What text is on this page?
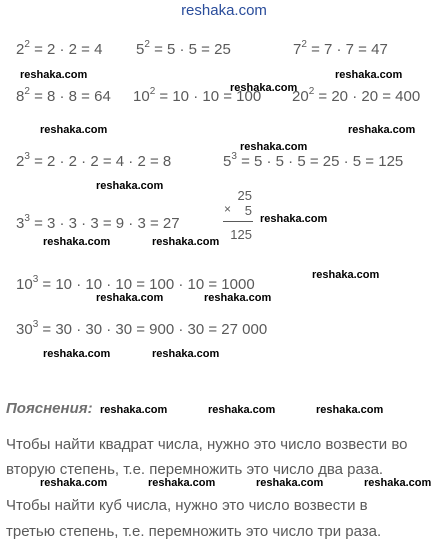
reshaka.com
$2^2 = 2 \cdot 2 = 4$ $5^2 = 5 \cdot 5 = 25$	$7^2 = 7 \cdot 7 = 47$
$8^2 = 8 \cdot 8 = 64$ $10^2 = 10 \cdot 10 = 100$ $20^2 = 20 \cdot 20 = 400$
$2^3 = 2 \cdot 2 \cdot 2 = 4 \cdot 2 = 8$	$5^3 = 5 \cdot 5 \cdot 5 = 25 \cdot 5 = 125$
$3^3 = 3 \cdot 3 \cdot 3 = 9 \cdot 3 = 27$
$10^3 = 10 \cdot 10 \cdot 10 = 100 \cdot 10 = 1000$
$30^3 = 30 \cdot 30 \cdot 30 = 900 \cdot 30 = 27$ 000
25
× 5
125
reshaka.com
reshaka.com
reshaka.com
reshaka.com
reshaka.com
reshaka.com
reshaka.com
reshaka.com
reshaka.com	reshaka.com
reshaka.com
reshaka.com	reshaka.com
reshaka.com	reshaka.com
reshaka.com	reshaka.com	reshaka.com
reshaka.com	reshaka.com	reshaka.com	reshaka.com
Пояснения:
Чтобы найти квадрат числа, нужно это число возвести во
вторую степень, т.е. перемножить это число два раза.
Чтобы найти куб числа, нужно это число возвести в
третью степень, т.е. перемножить это число три раза.
